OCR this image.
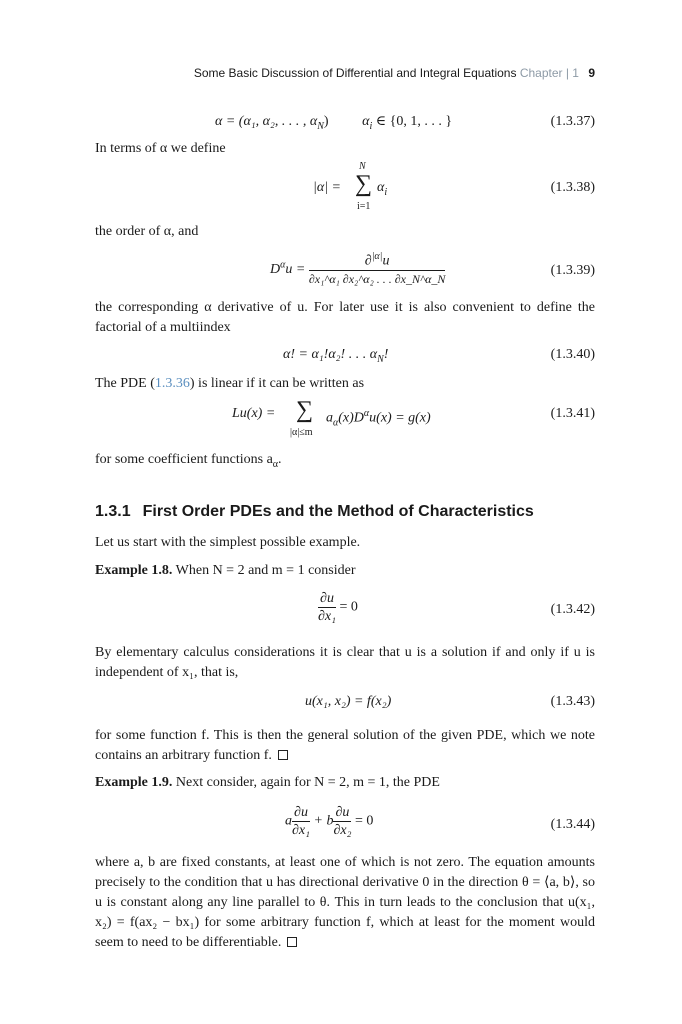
Some Basic Discussion of Differential and Integral Equations Chapter | 1 9
α = (α₁, α₂, . . . , $\alpha_N$) $\alpha_i$ ∈ {0, 1, . . . }	(1.3.37)
In terms of α we define
|α| =
N
∑
i=1
$\alpha_i$	(1.3.38)
the order of α, and
$D^\alpha u = \frac{\partial^{|\alpha|}u}{\text{∂x₁\textasciicircum{}α₁ ∂x₂\textasciicircum{}α₂ . . . ∂x\_N\textasciicircum{}α\_N}}$	(1.3.39)
the corresponding α derivative of u. For later use it is also convenient to define the factorial of a multiindex
α! = α₁!α₂! . . . $\alpha_N$!	(1.3.40)
The PDE (1.3.36) is linear if it can be written as
Lu(x) = ∑
|α|≤m
$a_\alpha(x)D^\alpha u(x) = g(x)$	(1.3.41)
for some coefficient functions $a_\alpha$.
1.3.1 First Order PDEs and the Method of Characteristics
Let us start with the simplest possible example.
Example 1.8. When N = 2 and m = 1 consider
$\frac{\partial u}{\text{∂x₁}} = 0$	(1.3.42)
By elementary calculus considerations it is clear that u is a solution if and only if u is independent of x₁, that is,
u(x₁, x₂) = f(x₂)	(1.3.43)
for some function f. This is then the general solution of the given PDE, which we note contains an arbitrary function f.
Example 1.9. Next consider, again for N = 2, m = 1, the PDE
a $\frac{\partial u}{\text{∂x₁}} + b \frac{\partial u}{\text{∂x₂}} = 0$	(1.3.44)
where a, b are fixed constants, at least one of which is not zero. The equation amounts precisely to the condition that u has directional derivative 0 in the direction θ = ⟨a, b⟩, so u is constant along any line parallel to θ. This in turn leads to the conclusion that u(x₁, x₂) = f(ax₂ − bx₁) for some arbitrary function f, which at least for the moment would seem to need to be differentiable.
